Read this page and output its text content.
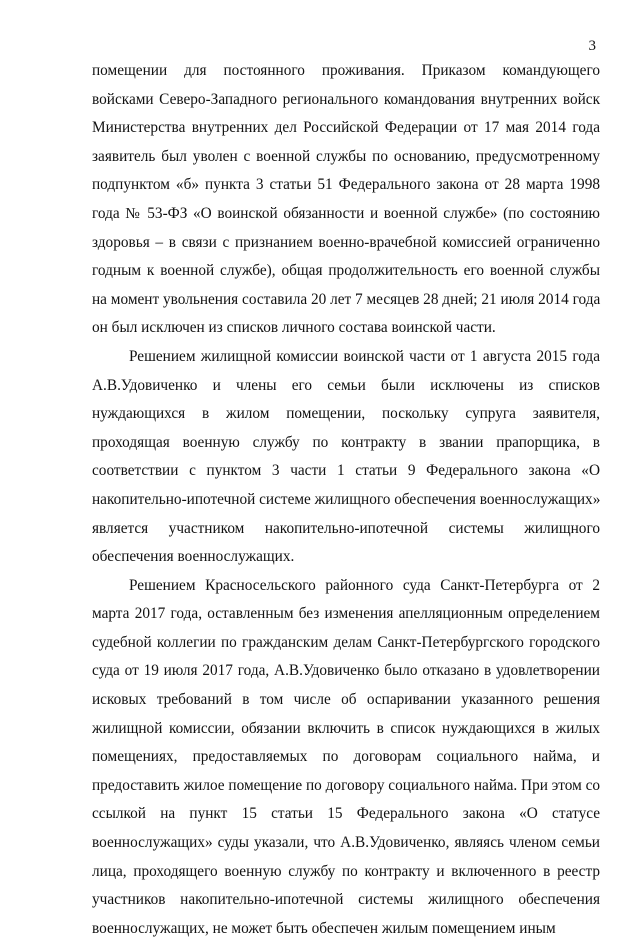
3
помещении для постоянного проживания. Приказом командующего
войсками Северо-Западного регионального командования внутренних войск
Министерства внутренних дел Российской Федерации от 17 мая 2014 года
заявитель был уволен с военной службы по основанию, предусмотренному
подпунктом «б» пункта 3 статьи 51 Федерального закона от 28 марта 1998
года № 53-ФЗ «О воинской обязанности и военной службе» (по состоянию
здоровья – в связи с признанием военно-врачебной комиссией ограниченно
годным к военной службе), общая продолжительность его военной службы
на момент увольнения составила 20 лет 7 месяцев 28 дней; 21 июля 2014 года
он был исключен из списков личного состава воинской части.
Решением жилищной комиссии воинской части от 1 августа 2015 года
А.В.Удовиченко и члены его семьи были исключены из списков
нуждающихся в жилом помещении, поскольку супруга заявителя,
проходящая военную службу по контракту в звании прапорщика, в
соответствии с пунктом 3 части 1 статьи 9 Федерального закона «О
накопительно-ипотечной системе жилищного обеспечения военнослужащих»
является участником накопительно-ипотечной системы жилищного
обеспечения военнослужащих.
Решением Красносельского районного суда Санкт-Петербурга от 2
марта 2017 года, оставленным без изменения апелляционным определением
судебной коллегии по гражданским делам Санкт-Петербургского городского
суда от 19 июля 2017 года, А.В.Удовиченко было отказано в удовлетворении
исковых требований в том числе об оспаривании указанного решения
жилищной комиссии, обязании включить в список нуждающихся в жилых
помещениях, предоставляемых по договорам социального найма, и
предоставить жилое помещение по договору социального найма. При этом со
ссылкой на пункт 15 статьи 15 Федерального закона «О статусе
военнослужащих» суды указали, что А.В.Удовиченко, являясь членом семьи
лица, проходящего военную службу по контракту и включенного в реестр
участников накопительно-ипотечной системы жилищного обеспечения
военнослужащих, не может быть обеспечен жилым помещением иным
